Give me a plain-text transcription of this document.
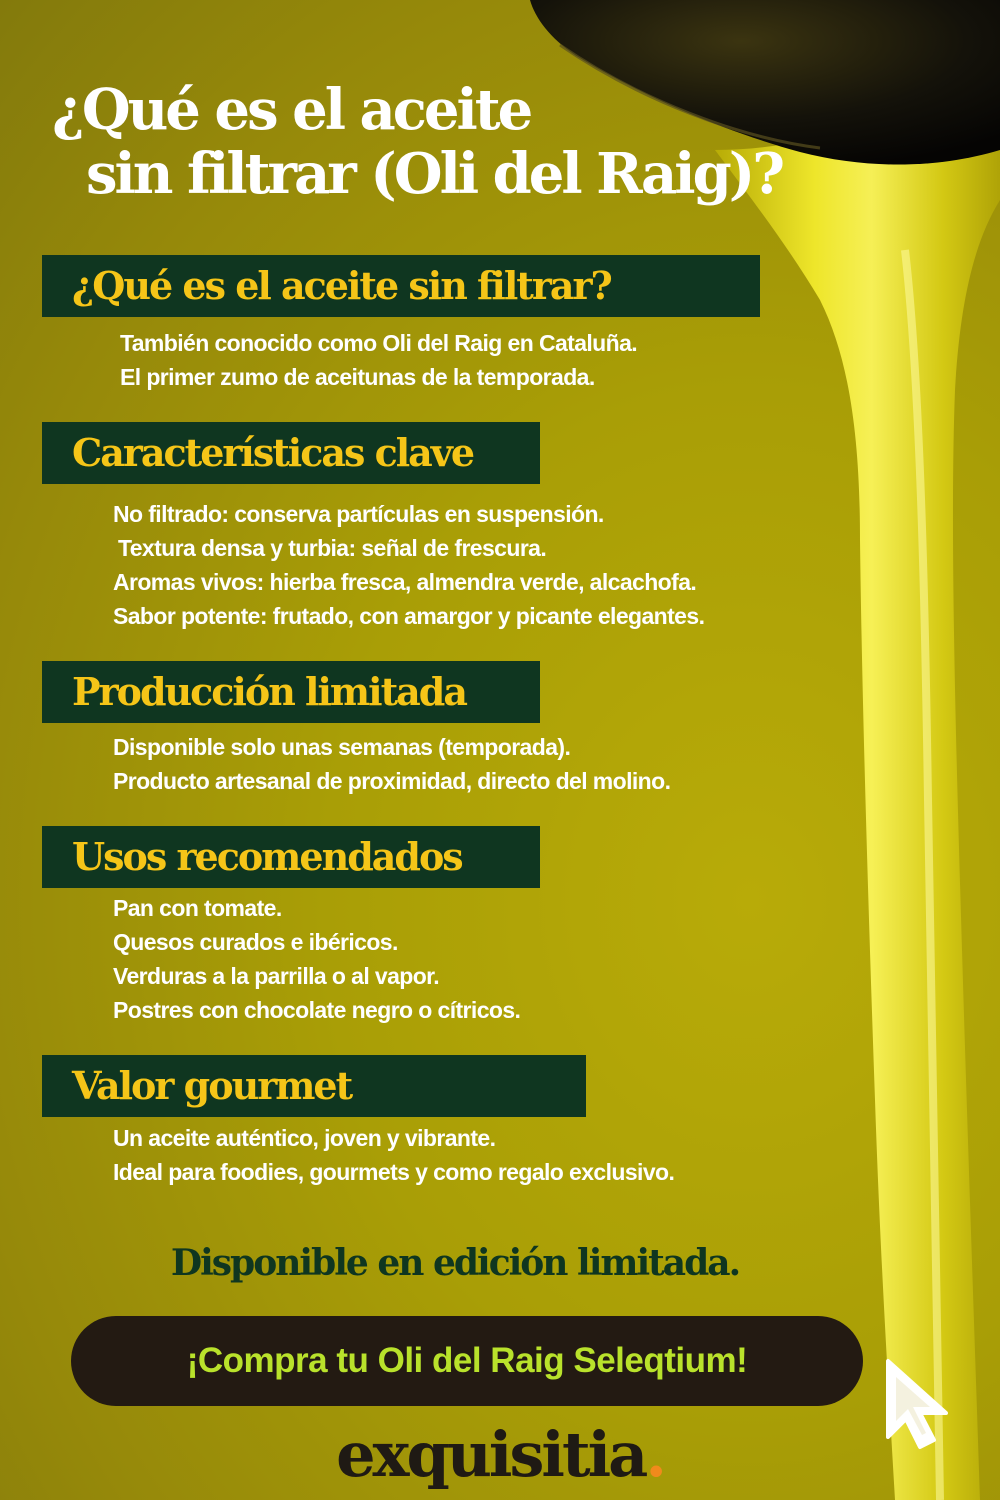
¿Qué es el aceite
sin filtrar (Oli del Raig)?
¿Qué es el aceite sin filtrar?
También conocido como Oli del Raig en Cataluña.
El primer zumo de aceitunas de la temporada.
Características clave
No filtrado: conserva partículas en suspensión.
Textura densa y turbia: señal de frescura.
Aromas vivos: hierba fresca, almendra verde, alcachofa.
Sabor potente: frutado, con amargor y picante elegantes.
Producción limitada
Disponible solo unas semanas (temporada).
Producto artesanal de proximidad, directo del molino.
Usos recomendados
Pan con tomate.
Quesos curados e ibéricos.
Verduras a la parrilla o al vapor.
Postres con chocolate negro o cítricos.
Valor gourmet
Un aceite auténtico, joven y vibrante.
Ideal para foodies, gourmets y como regalo exclusivo.

Disponible en edición limitada.

¡Compra tu Oli del Raig Seleqtium!

exquisitia.
